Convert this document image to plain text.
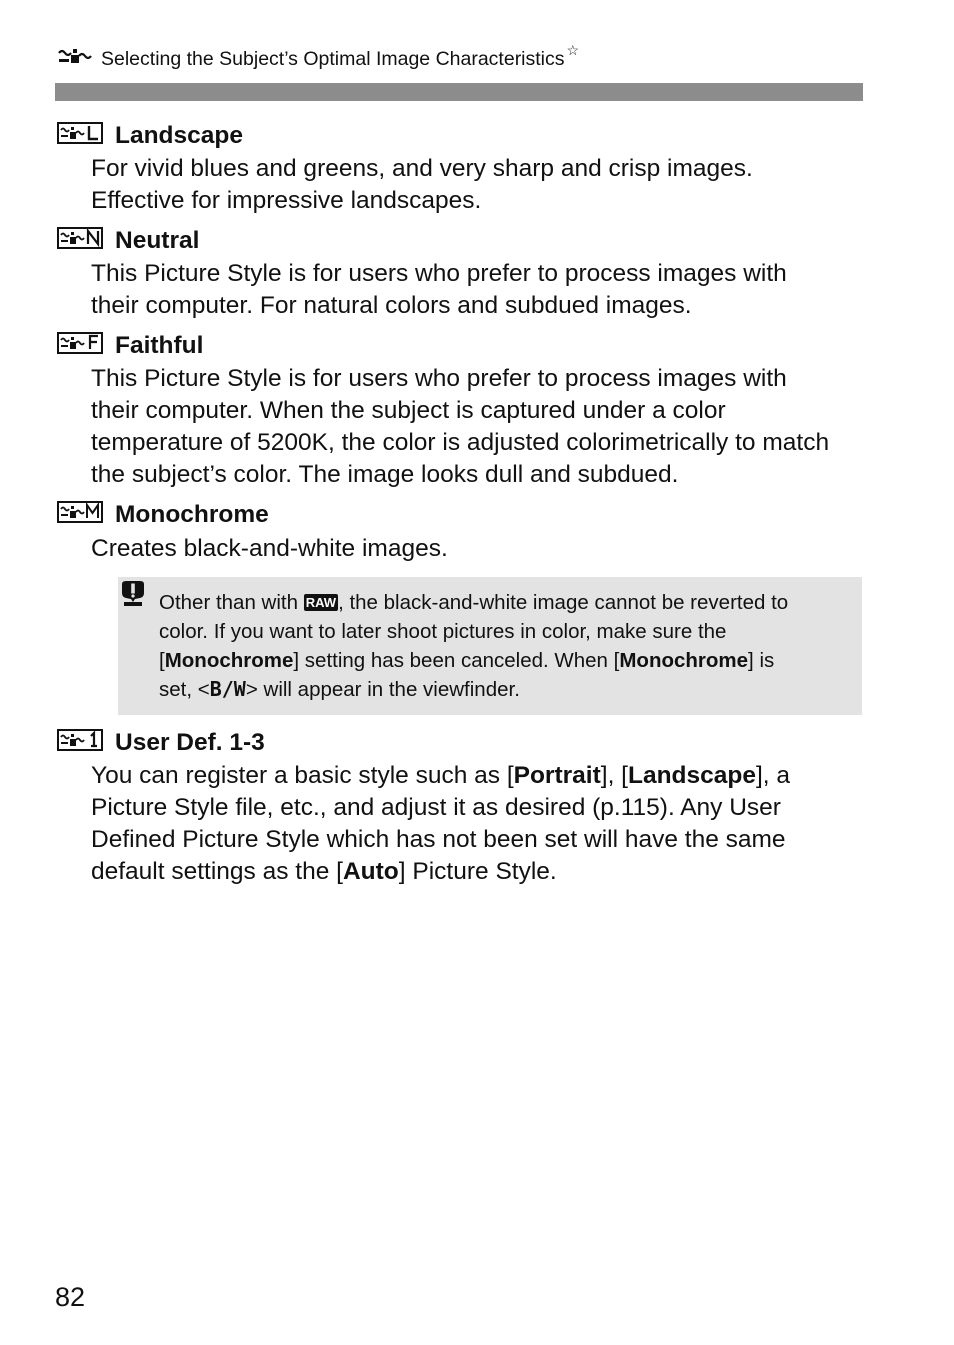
Selecting the Subject’s Optimal Image Characteristics ☆
Landscape
For vivid blues and greens, and very sharp and crisp images.
Effective for impressive landscapes.
Neutral
This Picture Style is for users who prefer to process images with
their computer. For natural colors and subdued images.
Faithful
This Picture Style is for users who prefer to process images with
their computer. When the subject is captured under a color
temperature of 5200K, the color is adjusted colorimetrically to match
the subject’s color. The image looks dull and subdued.
Monochrome
Creates black-and-white images.
Other than with RAW, the black-and-white image cannot be reverted to
color. If you want to later shoot pictures in color, make sure the
[Monochrome] setting has been canceled. When [Monochrome] is
set, <B/W> will appear in the viewfinder.
User Def. 1-3
You can register a basic style such as [Portrait], [Landscape], a
Picture Style file, etc., and adjust it as desired (p.115). Any User
Defined Picture Style which has not been set will have the same
default settings as the [Auto] Picture Style.
82
